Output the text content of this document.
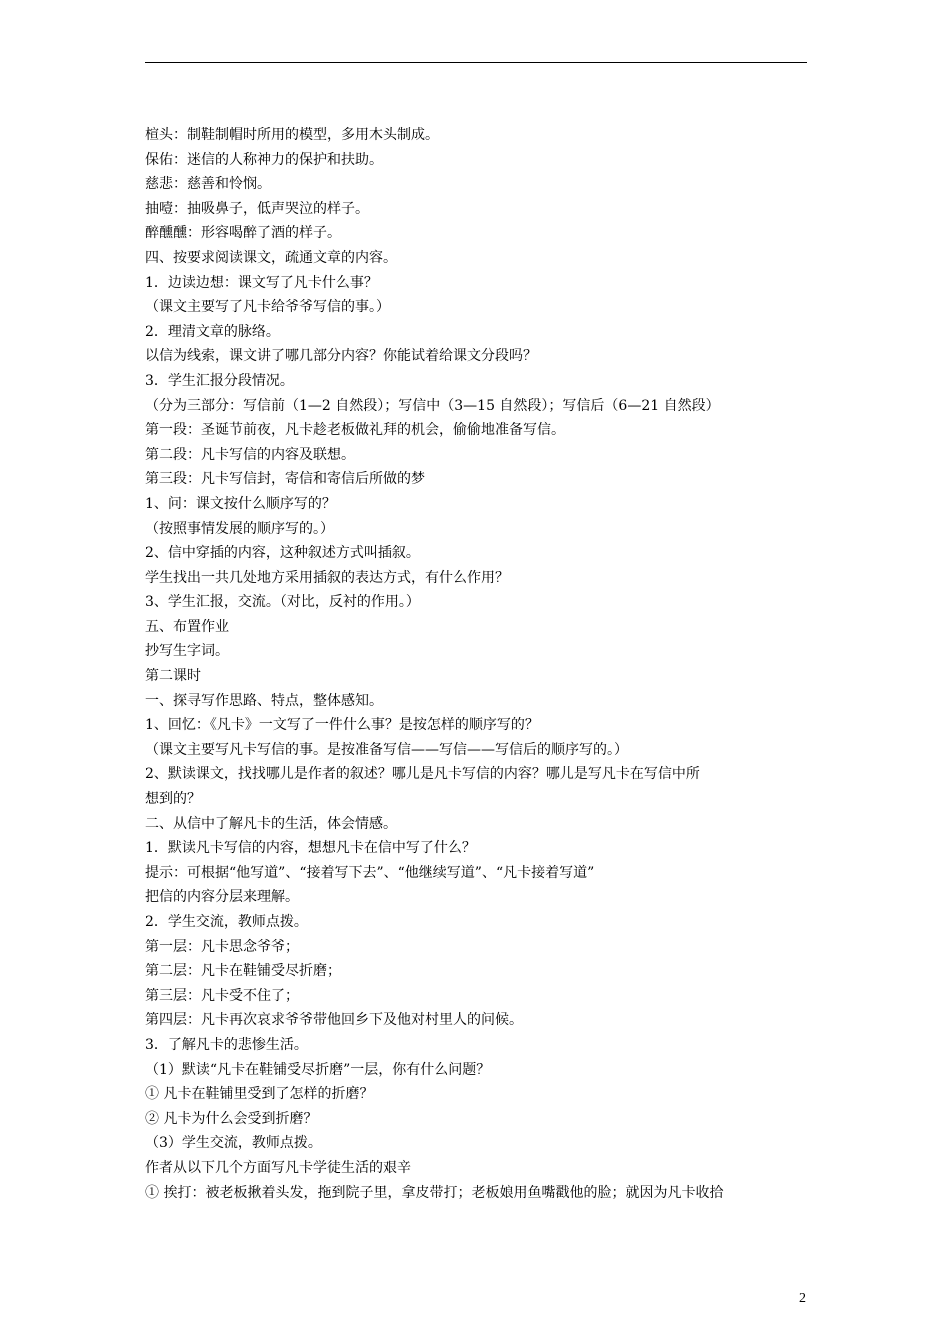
楦头：制鞋制帽时所用的模型，多用木头制成。
保佑：迷信的人称神力的保护和扶助。
慈悲：慈善和怜悯。
抽噎：抽吸鼻子，低声哭泣的样子。
醉醺醺：形容喝醉了酒的样子。
四、按要求阅读课文，疏通文章的内容。
1．边读边想：课文写了凡卡什么事？
（课文主要写了凡卡给爷爷写信的事。）
2．理清文章的脉络。
以信为线索，课文讲了哪几部分内容？你能试着给课文分段吗？
3．学生汇报分段情况。
（分为三部分：写信前（1—2 自然段）；写信中（3—15 自然段）；写信后（6—21 自然段）
第一段：圣诞节前夜，凡卡趁老板做礼拜的机会，偷偷地准备写信。
第二段：凡卡写信的内容及联想。
第三段：凡卡写信封，寄信和寄信后所做的梦
1、问：课文按什么顺序写的？
（按照事情发展的顺序写的。）
2、信中穿插的内容，这种叙述方式叫插叙。
学生找出一共几处地方采用插叙的表达方式，有什么作用？
3、学生汇报，交流。（对比，反衬的作用。）
五、布置作业
抄写生字词。
第二课时
一、探寻写作思路、特点，整体感知。
1、回忆：《凡卡》一文写了一件什么事？是按怎样的顺序写的？
（课文主要写凡卡写信的事。是按准备写信——写信——写信后的顺序写的。）
2、默读课文，找找哪儿是作者的叙述？哪儿是凡卡写信的内容？哪儿是写凡卡在写信中所
想到的？
二、从信中了解凡卡的生活，体会情感。
1．默读凡卡写信的内容，想想凡卡在信中写了什么？
提示：可根据“他写道”、“接着写下去”、“他继续写道”、“凡卡接着写道”
把信的内容分层来理解。
2．学生交流，教师点拨。
第一层：凡卡思念爷爷；
第二层：凡卡在鞋铺受尽折磨；
第三层：凡卡受不住了；
第四层：凡卡再次哀求爷爷带他回乡下及他对村里人的问候。
3．了解凡卡的悲惨生活。
（1）默读“凡卡在鞋铺受尽折磨”一层，你有什么问题？
① 凡卡在鞋铺里受到了怎样的折磨？
② 凡卡为什么会受到折磨？
（3）学生交流，教师点拨。
作者从以下几个方面写凡卡学徒生活的艰辛
① 挨打：被老板揪着头发，拖到院子里，拿皮带打；老板娘用鱼嘴戳他的脸；就因为凡卡收拾
2
